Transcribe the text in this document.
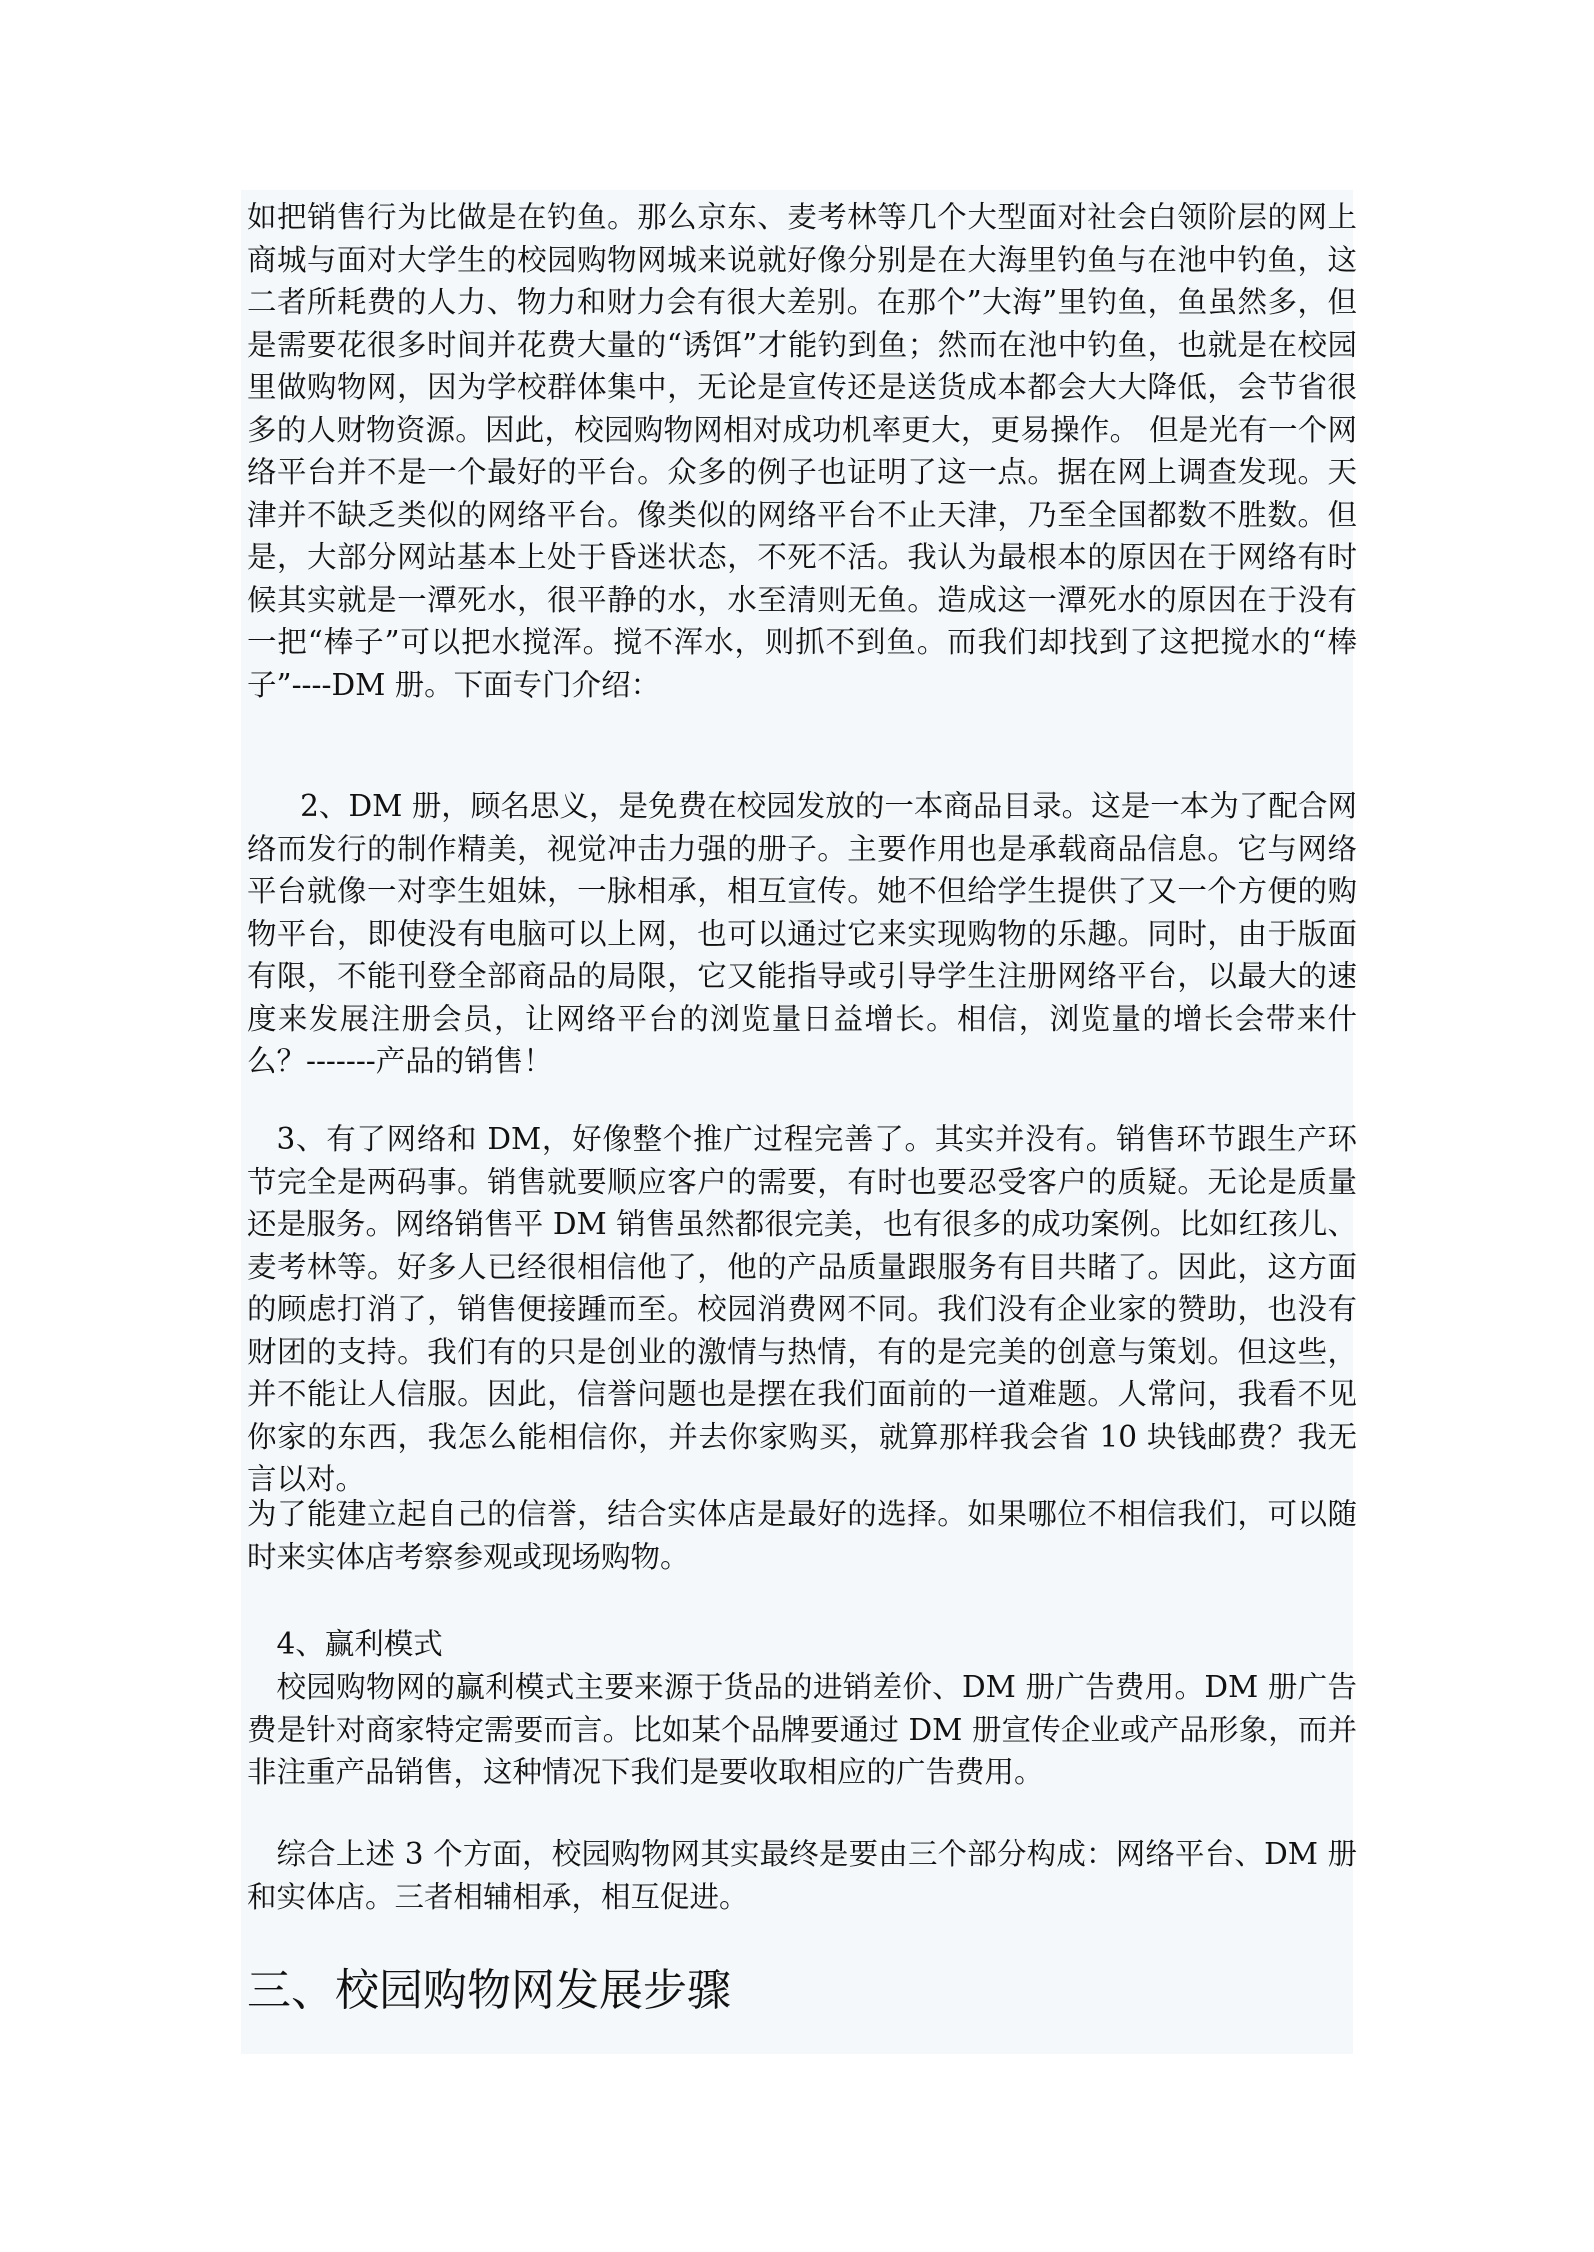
如把销售行为比做是在钓鱼。那么京东、麦考林等几个大型面对社会白领阶层的网上商城与面对大学生的校园购物网城来说就好像分别是在大海里钓鱼与在池中钓鱼，这二者所耗费的人力、物力和财力会有很大差别。在那个”大海”里钓鱼，鱼虽然多，但是需要花很多时间并花费大量的“诱饵”才能钓到鱼；然而在池中钓鱼，也就是在校园里做购物网，因为学校群体集中，无论是宣传还是送货成本都会大大降低，会节省很多的人财物资源。因此，校园购物网相对成功机率更大，更易操作。 但是光有一个网络平台并不是一个最好的平台。众多的例子也证明了这一点。据在网上调查发现。天津并不缺乏类似的网络平台。像类似的网络平台不止天津，乃至全国都数不胜数。但是，大部分网站基本上处于昏迷状态，不死不活。我认为最根本的原因在于网络有时候其实就是一潭死水，很平静的水，水至清则无鱼。造成这一潭死水的原因在于没有一把“棒子”可以把水搅浑。搅不浑水，则抓不到鱼。而我们却找到了这把搅水的“棒子”----DM 册。下面专门介绍：

2、DM 册，顾名思义，是免费在校园发放的一本商品目录。这是一本为了配合网络而发行的制作精美，视觉冲击力强的册子。主要作用也是承载商品信息。它与网络平台就像一对孪生姐妹，一脉相承，相互宣传。她不但给学生提供了又一个方便的购物平台，即使没有电脑可以上网，也可以通过它来实现购物的乐趣。同时，由于版面有限，不能刊登全部商品的局限，它又能指导或引导学生注册网络平台，以最大的速度来发展注册会员，让网络平台的浏览量日益增长。相信，浏览量的增长会带来什么？-------产品的销售！

3、有了网络和 DM，好像整个推广过程完善了。其实并没有。销售环节跟生产环节完全是两码事。销售就要顺应客户的需要，有时也要忍受客户的质疑。无论是质量还是服务。网络销售平 DM 销售虽然都很完美，也有很多的成功案例。比如红孩儿、麦考林等。好多人已经很相信他了，他的产品质量跟服务有目共睹了。因此，这方面的顾虑打消了，销售便接踵而至。校园消费网不同。我们没有企业家的赞助，也没有财团的支持。我们有的只是创业的激情与热情，有的是完美的创意与策划。但这些，并不能让人信服。因此，信誉问题也是摆在我们面前的一道难题。人常问，我看不见你家的东西，我怎么能相信你，并去你家购买，就算那样我会省 10 块钱邮费？我无言以对。

为了能建立起自己的信誉，结合实体店是最好的选择。如果哪位不相信我们，可以随时来实体店考察参观或现场购物。

4、赢利模式

校园购物网的赢利模式主要来源于货品的进销差价、DM 册广告费用。DM 册广告费是针对商家特定需要而言。比如某个品牌要通过 DM 册宣传企业或产品形象，而并非注重产品销售，这种情况下我们是要收取相应的广告费用。

综合上述 3 个方面，校园购物网其实最终是要由三个部分构成：网络平台、DM 册和实体店。三者相辅相承，相互促进。

三、校园购物网发展步骤
